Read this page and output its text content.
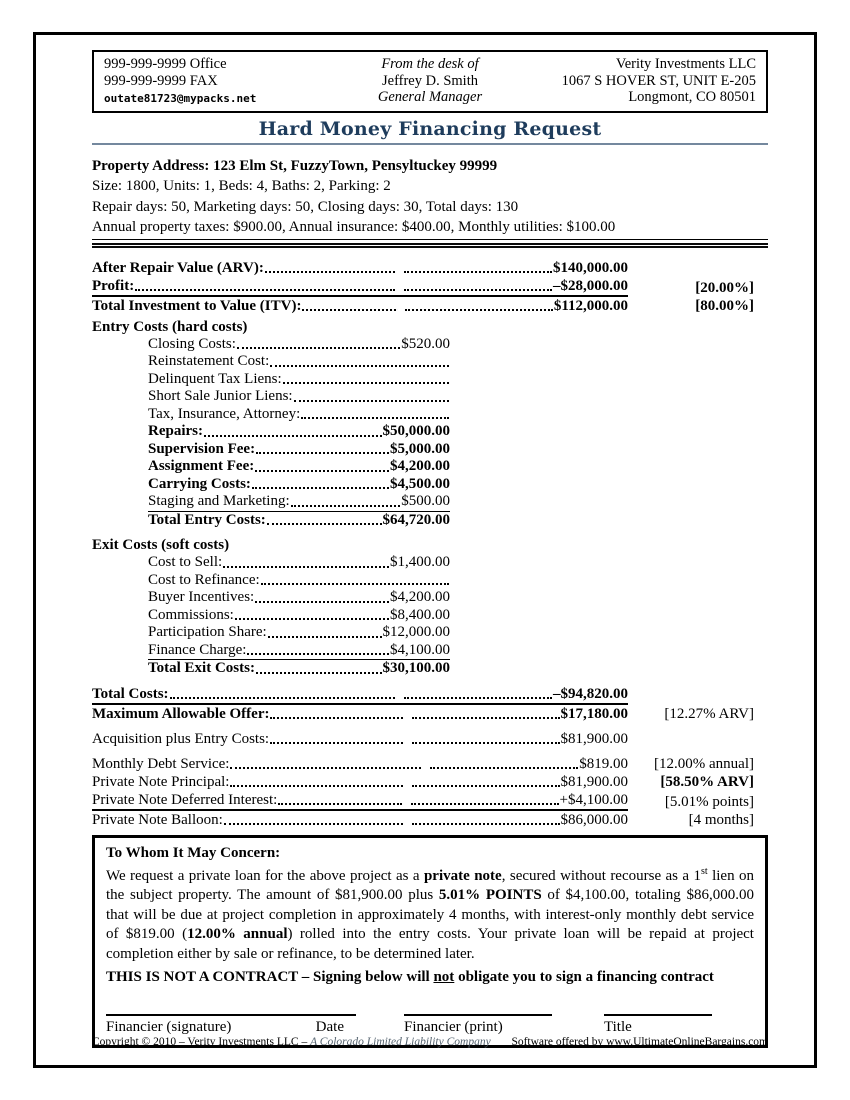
999-999-9999 Office
999-999-9999 FAX
outate81723@mypacks.net
From the desk of
Jeffrey D. Smith
General Manager
Verity Investments LLC
1067 S HOVER ST, UNIT E-205
Longmont, CO 80501
Hard Money Financing Request
Property Address: 123 Elm St, FuzzyTown, Pensyltuckey 99999
Size: 1800, Units: 1, Beds: 4, Baths: 2, Parking: 2
Repair days: 50, Marketing days: 50, Closing days: 30, Total days: 130
Annual property taxes: $900.00, Annual insurance: $400.00, Monthly utilities: $100.00
After Repair Value (ARV):	$140,000.00
Profit:	–$28,000.00	[20.00%]
Total Investment to Value (ITV):	$112,000.00	[80.00%]
Entry Costs (hard costs)
Closing Costs:	$520.00
Reinstatement Cost:
Delinquent Tax Liens:
Short Sale Junior Liens:
Tax, Insurance, Attorney:
Repairs:	$50,000.00
Supervision Fee:	$5,000.00
Assignment Fee:	$4,200.00
Carrying Costs:	$4,500.00
Staging and Marketing:	$500.00
Total Entry Costs:	$64,720.00
Exit Costs (soft costs)
Cost to Sell:	$1,400.00
Cost to Refinance:
Buyer Incentives:	$4,200.00
Commissions:	$8,400.00
Participation Share:	$12,000.00
Finance Charge:	$4,100.00
Total Exit Costs:	$30,100.00
Total Costs:	–$94,820.00
Maximum Allowable Offer:	$17,180.00	[12.27% ARV]
Acquisition plus Entry Costs:	$81,900.00
Monthly Debt Service:	$819.00	[12.00% annual]
Private Note Principal:	$81,900.00	[58.50% ARV]
Private Note Deferred Interest:	+$4,100.00	[5.01% points]
Private Note Balloon:	$86,000.00	[4 months]
To Whom It May Concern:
We request a private loan for the above project as a private note, secured without recourse as a 1st lien on the subject property. The amount of $81,900.00 plus 5.01% POINTS of $4,100.00, totaling $86,000.00 that will be due at project completion in approximately 4 months, with interest-only monthly debt service of $819.00 (12.00% annual) rolled into the entry costs. Your private loan will be repaid at project completion either by sale or refinance, to be determined later.
THIS IS NOT A CONTRACT – Signing below will not obligate you to sign a financing contract
Financier (signature)	Date	Financier (print)	Title
Copyright © 2010 – Verity Investments LLC – A Colorado Limited Liability Company Software offered by www.UltimateOnlineBargains.com
